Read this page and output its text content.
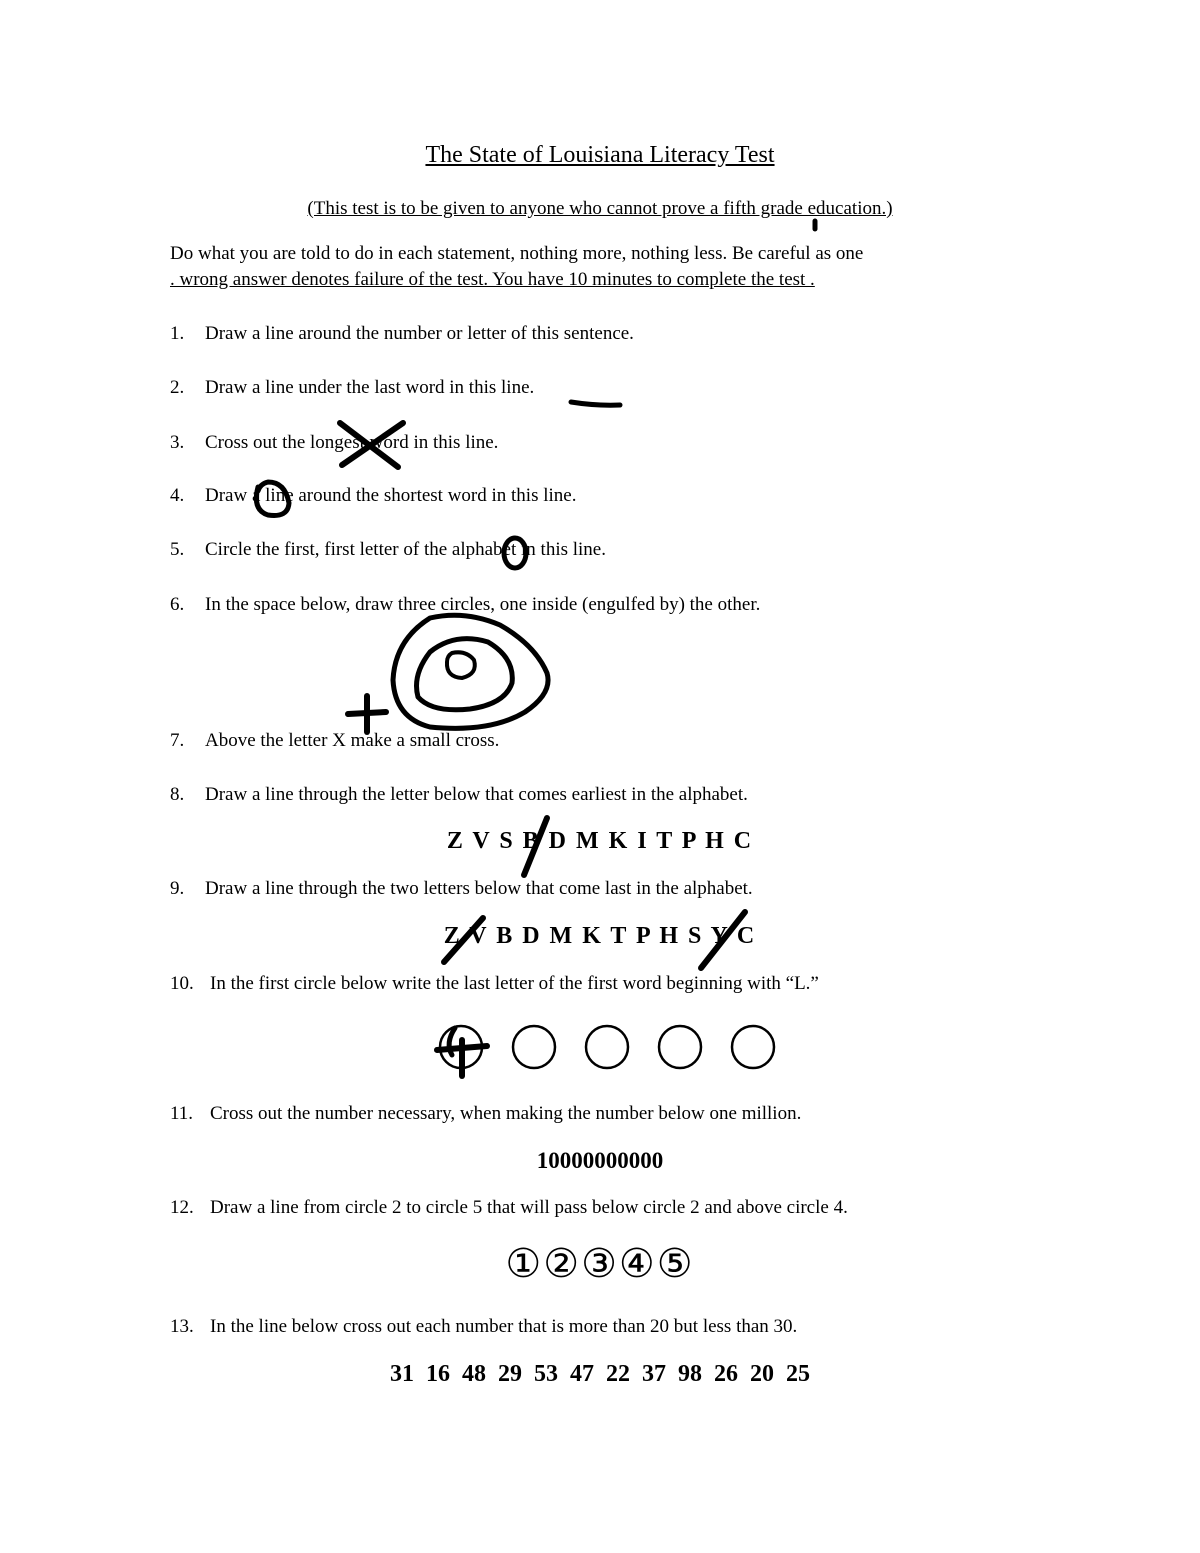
The State of Louisiana Literacy Test
(This test is to be given to anyone who cannot prove a fifth grade education.)
Do what you are told to do in each statement, nothing more, nothing less. Be careful as one
. wrong answer denotes failure of the test. You have 10 minutes to complete the test .
1. Draw a line around the number or letter of this sentence.
2. Draw a line under the last word in this line.
3. Cross out the longest word in this line.
4. Draw a line around the shortest word in this line.
5. Circle the first, first letter of the alphabet in this line.
6. In the space below, draw three circles, one inside (engulfed by) the other.
7. Above the letter X make a small cross.
8. Draw a line through the letter below that comes earliest in the alphabet.
Z V S B D M K I T P H C
9. Draw a line through the two letters below that come last in the alphabet.
Z V B D M K T P H S Y C
10. In the first circle below write the last letter of the first word beginning with “L.”
11. Cross out the number necessary, when making the number below one million.
10000000000
12. Draw a line from circle 2 to circle 5 that will pass below circle 2 and above circle 4.
①②③④⑤
13. In the line below cross out each number that is more than 20 but less than 30.
31 16 48 29 53 47 22 37 98 26 20 25
